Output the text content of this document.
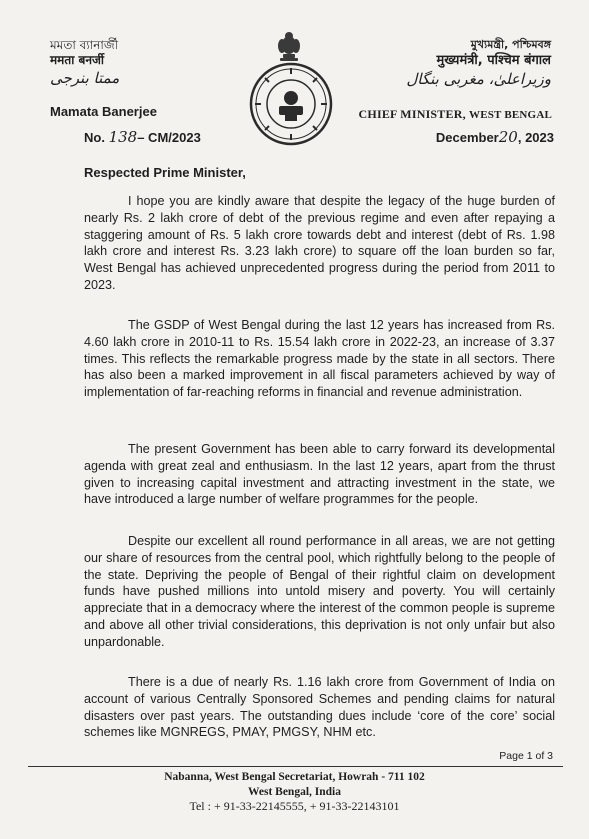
মমতা ব্যানার্জী
ममता बनर्जी
ممتا بنرجی
Mamata Banerjee
No. 138– CM/2023
মুখ্যমন্ত্রী, পশ্চিমবঙ্গ
मुख्यमंत्री, पश्चिम बंगाल
وزیراعلیٰ، مغربی بنگال
CHIEF MINISTER, WEST BENGAL
December20, 2023
Respected Prime Minister,

I hope you are kindly aware that despite the legacy of the huge burden of nearly Rs. 2 lakh crore of debt of the previous regime and even after repaying a staggering amount of Rs. 5 lakh crore towards debt and interest (debt of Rs. 1.98 lakh crore and interest Rs. 3.23 lakh crore) to square off the loan burden so far, West Bengal has achieved unprecedented progress during the period from 2011 to 2023.

The GSDP of West Bengal during the last 12 years has increased from Rs. 4.60 lakh crore in 2010-11 to Rs. 15.54 lakh crore in 2022-23, an increase of 3.37 times. This reflects the remarkable progress made by the state in all sectors. There has also been a marked improvement in all fiscal parameters achieved by way of implementation of far-reaching reforms in financial and revenue administration.

The present Government has been able to carry forward its developmental agenda with great zeal and enthusiasm. In the last 12 years, apart from the thrust given to increasing capital investment and attracting investment in the state, we have introduced a large number of welfare programmes for the people.

Despite our excellent all round performance in all areas, we are not getting our share of resources from the central pool, which rightfully belong to the people of the state. Depriving the people of Bengal of their rightful claim on development funds have pushed millions into untold misery and poverty. You will certainly appreciate that in a democracy where the interest of the common people is supreme and above all other trivial considerations, this deprivation is not only unfair but also unpardonable.

There is a due of nearly Rs. 1.16 lakh crore from Government of India on account of various Centrally Sponsored Schemes and pending claims for natural disasters over past years. The outstanding dues include ‘core of the core’ social schemes like MGNREGS, PMAY, PMGSY, NHM etc.

Page 1 of 3
Nabanna, West Bengal Secretariat, Howrah - 711 102
West Bengal, India
Tel : + 91-33-22145555, + 91-33-22143101
